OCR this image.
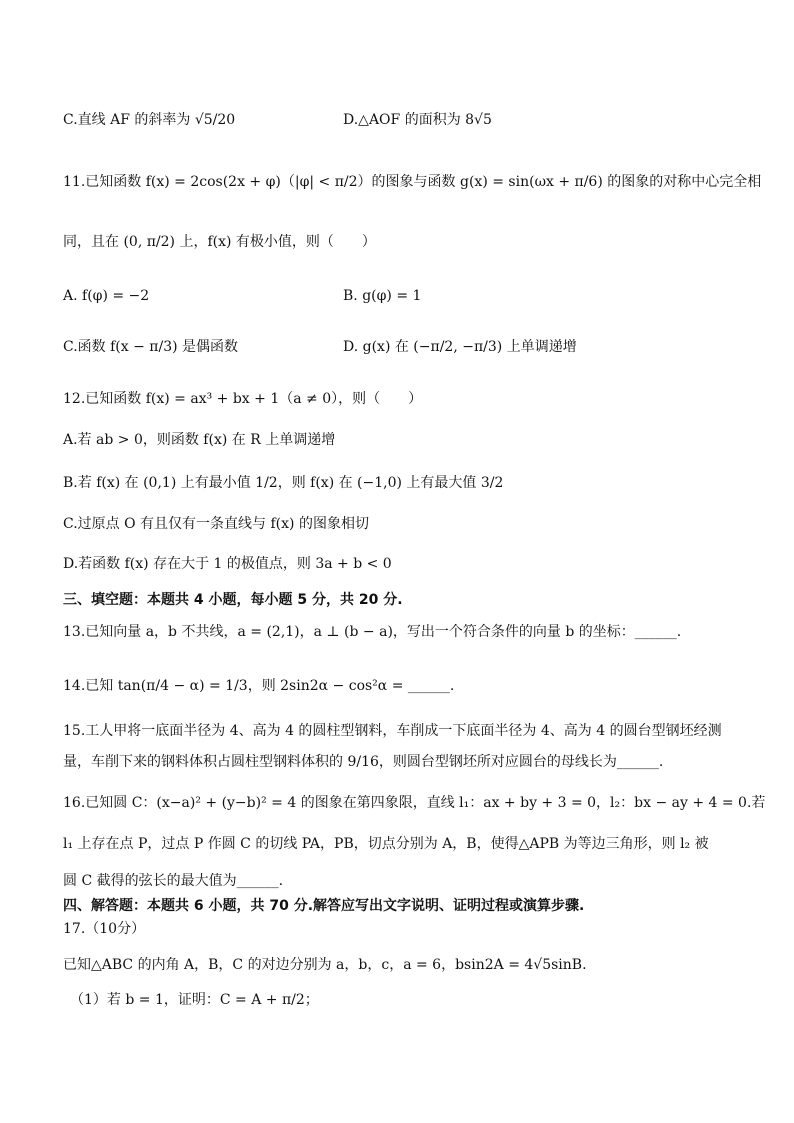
C.直线 AF 的斜率为 √5/20	D.△AOF 的面积为 8√5
11.已知函数 f(x) = 2cos(2x + φ)（|φ| < π/2）的图象与函数 g(x) = sin(ωx + π/6) 的图象的对称中心完全相
同，且在 (0, π/2) 上，f(x) 有极小值，则（　　）
A. f(φ) = −2	B. g(φ) = 1
C.函数 f(x − π/3) 是偶函数	D. g(x) 在 (−π/2, −π/3) 上单调递增
12.已知函数 f(x) = ax³ + bx + 1（a ≠ 0），则（　　）
A.若 ab > 0，则函数 f(x) 在 R 上单调递增
B.若 f(x) 在 (0,1) 上有最小值 1/2，则 f(x) 在 (−1,0) 上有最大值 3/2
C.过原点 O 有且仅有一条直线与 f(x) 的图象相切
D.若函数 f(x) 存在大于 1 的极值点，则 3a + b < 0
三、填空题：本题共 4 小题，每小题 5 分，共 20 分.
13.已知向量 a，b 不共线，a = (2,1)，a ⊥ (b − a)，写出一个符合条件的向量 b 的坐标：______.
14.已知 tan(π/4 − α) = 1/3，则 2sin2α − cos²α = ______.
15.工人甲将一底面半径为 4、高为 4 的圆柱型钢料，车削成一下底面半径为 4、高为 4 的圆台型钢坯经测
量，车削下来的钢料体积占圆柱型钢料体积的 9/16，则圆台型钢坯所对应圆台的母线长为______.
16.已知圆 C：(x−a)² + (y−b)² = 4 的图象在第四象限，直线 l₁：ax + by + 3 = 0，l₂：bx − ay + 4 = 0.若
l₁ 上存在点 P，过点 P 作圆 C 的切线 PA，PB，切点分别为 A，B，使得△APB 为等边三角形，则 l₂ 被
圆 C 截得的弦长的最大值为______.
四、解答题：本题共 6 小题，共 70 分.解答应写出文字说明、证明过程或演算步骤.
17.（10分）
已知△ABC 的内角 A，B，C 的对边分别为 a，b，c，a = 6，bsin2A = 4√5sinB.
（1）若 b = 1，证明：C = A + π/2；
